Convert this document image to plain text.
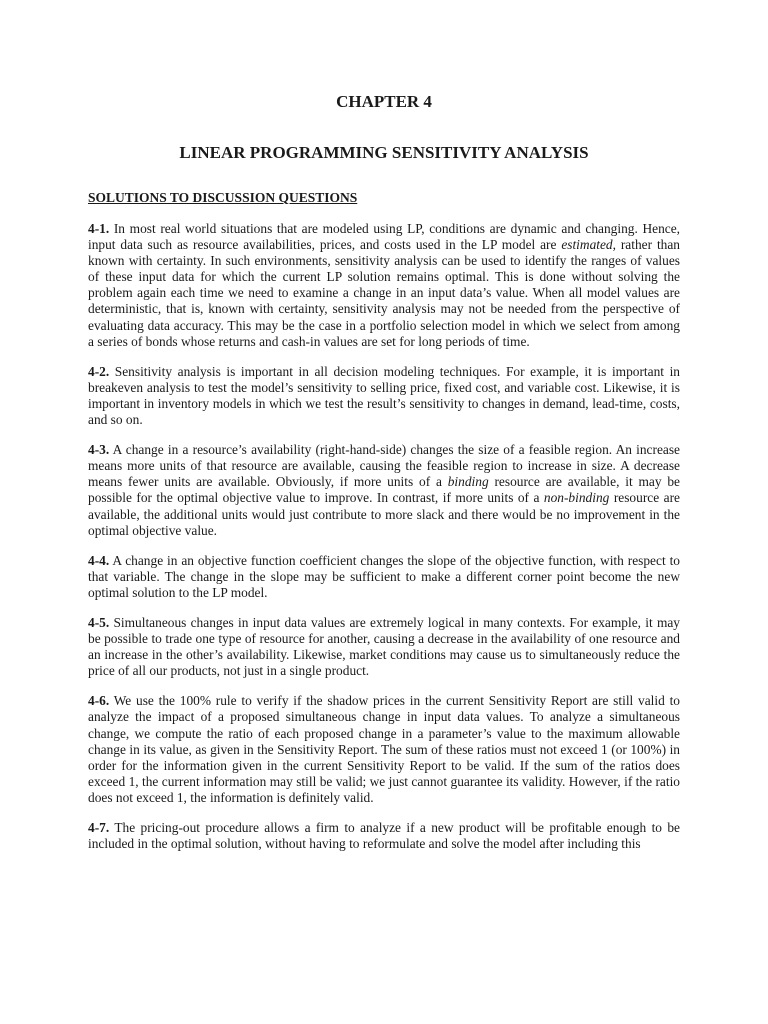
CHAPTER 4
LINEAR PROGRAMMING SENSITIVITY ANALYSIS
SOLUTIONS TO DISCUSSION QUESTIONS

4-1. In most real world situations that are modeled using LP, conditions are dynamic and changing. Hence, input data such as resource availabilities, prices, and costs used in the LP model are estimated, rather than known with certainty. In such environments, sensitivity analysis can be used to identify the ranges of values of these input data for which the current LP solution remains optimal. This is done without solving the problem again each time we need to examine a change in an input data’s value. When all model values are deterministic, that is, known with certainty, sensitivity analysis may not be needed from the perspective of evaluating data accuracy. This may be the case in a portfolio selection model in which we select from among a series of bonds whose returns and cash-in values are set for long periods of time.

4-2. Sensitivity analysis is important in all decision modeling techniques. For example, it is important in breakeven analysis to test the model’s sensitivity to selling price, fixed cost, and variable cost. Likewise, it is important in inventory models in which we test the result’s sensitivity to changes in demand, lead-time, costs, and so on.

4-3. A change in a resource’s availability (right-hand-side) changes the size of a feasible region. An increase means more units of that resource are available, causing the feasible region to increase in size. A decrease means fewer units are available. Obviously, if more units of a binding resource are available, it may be possible for the optimal objective value to improve. In contrast, if more units of a non-binding resource are available, the additional units would just contribute to more slack and there would be no improvement in the optimal objective value.

4-4. A change in an objective function coefficient changes the slope of the objective function, with respect to that variable. The change in the slope may be sufficient to make a different corner point become the new optimal solution to the LP model.

4-5. Simultaneous changes in input data values are extremely logical in many contexts. For example, it may be possible to trade one type of resource for another, causing a decrease in the availability of one resource and an increase in the other’s availability. Likewise, market conditions may cause us to simultaneously reduce the price of all our products, not just in a single product.

4-6. We use the 100% rule to verify if the shadow prices in the current Sensitivity Report are still valid to analyze the impact of a proposed simultaneous change in input data values. To analyze a simultaneous change, we compute the ratio of each proposed change in a parameter’s value to the maximum allowable change in its value, as given in the Sensitivity Report. The sum of these ratios must not exceed 1 (or 100%) in order for the information given in the current Sensitivity Report to be valid. If the sum of the ratios does exceed 1, the current information may still be valid; we just cannot guarantee its validity. However, if the ratio does not exceed 1, the information is definitely valid.

4-7. The pricing-out procedure allows a firm to analyze if a new product will be profitable enough to be included in the optimal solution, without having to reformulate and solve the model after including this
